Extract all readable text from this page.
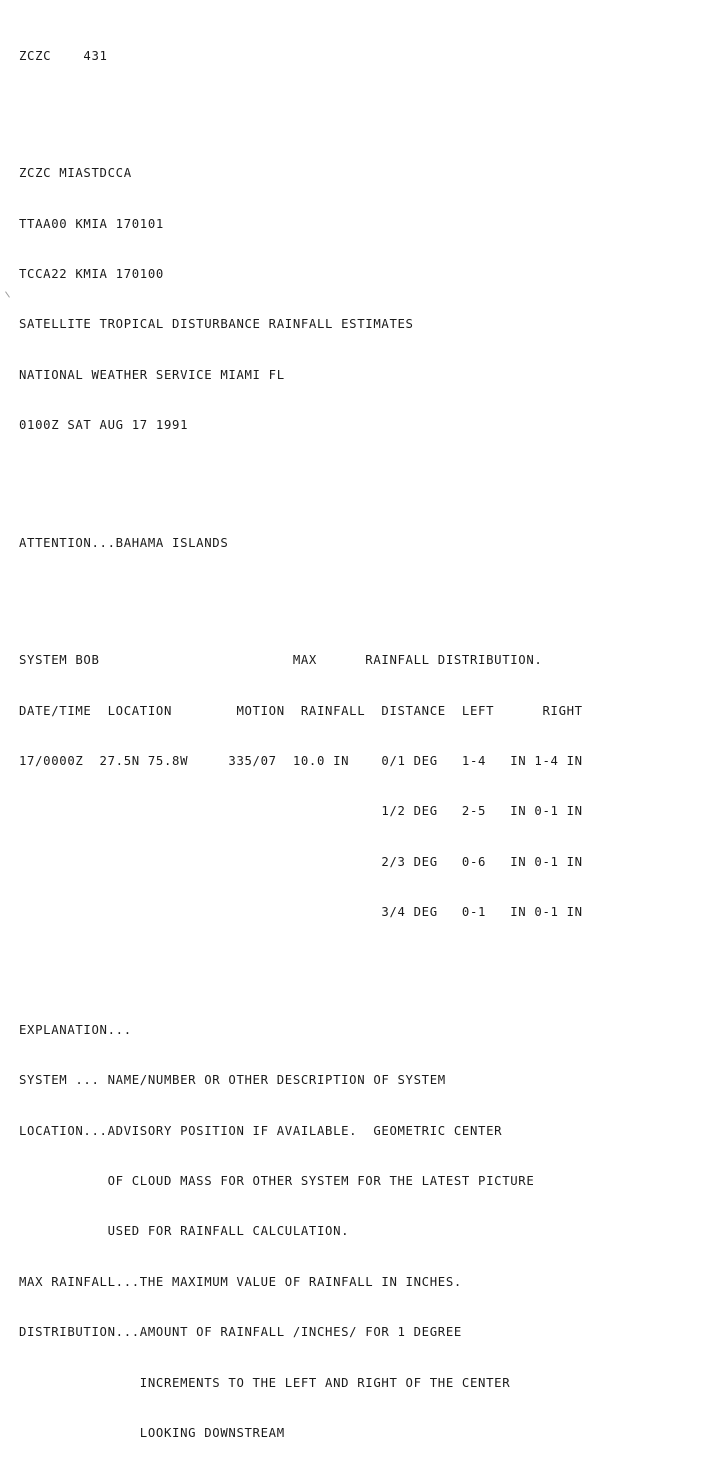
ZCZC    431

ZCZC MIASTDCCA

TTAA00 KMIA 170101

TCCA22 KMIA 170100

SATELLITE TROPICAL DISTURBANCE RAINFALL ESTIMATES

NATIONAL WEATHER SERVICE MIAMI FL

0100Z SAT AUG 17 1991

ATTENTION...BAHAMA ISLANDS

SYSTEM BOB                        MAX      RAINFALL DISTRIBUTION.

DATE/TIME  LOCATION        MOTION  RAINFALL  DISTANCE  LEFT      RIGHT

17/0000Z  27.5N 75.8W     335/07  10.0 IN    0/1 DEG   1-4   IN 1-4 IN

1/2 DEG   2-5   IN 0-1 IN

2/3 DEG   0-6   IN 0-1 IN

3/4 DEG   0-1   IN 0-1 IN

EXPLANATION...

SYSTEM ... NAME/NUMBER OR OTHER DESCRIPTION OF SYSTEM

LOCATION...ADVISORY POSITION IF AVAILABLE.  GEOMETRIC CENTER

OF CLOUD MASS FOR OTHER SYSTEM FOR THE LATEST PICTURE

USED FOR RAINFALL CALCULATION.

MAX RAINFALL...THE MAXIMUM VALUE OF RAINFALL IN INCHES.

DISTRIBUTION...AMOUNT OF RAINFALL /INCHES/ FOR 1 DEGREE

INCREMENTS TO THE LEFT AND RIGHT OF THE CENTER

LOOKING DOWNSTREAM
